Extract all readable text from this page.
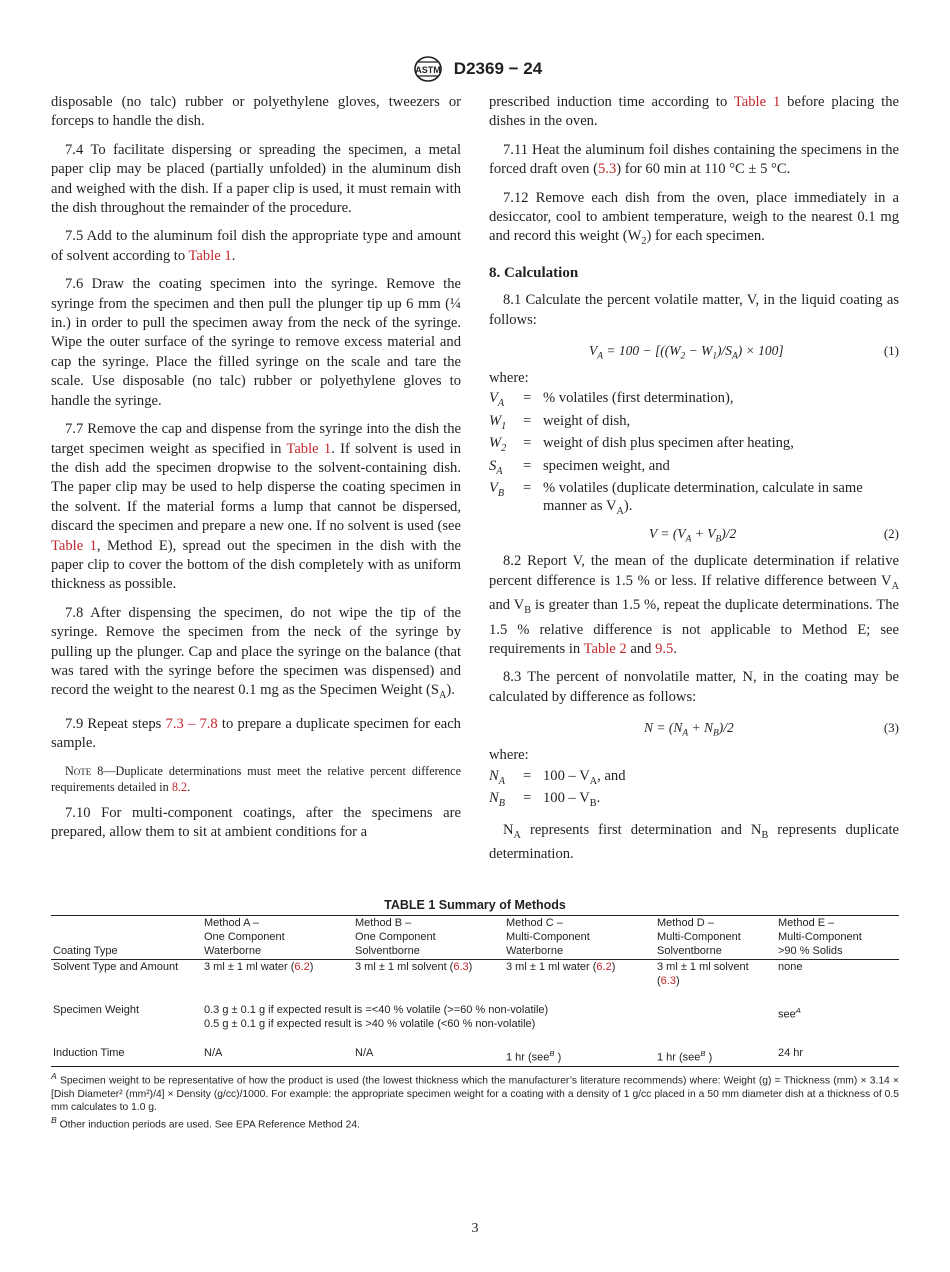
ASTM D2369 − 24

disposable (no talc) rubber or polyethylene gloves, tweezers or forceps to handle the dish.

7.4 To facilitate dispersing or spreading the specimen, a metal paper clip may be placed (partially unfolded) in the aluminum dish and weighed with the dish. If a paper clip is used, it must remain with the dish throughout the remainder of the procedure.

7.5 Add to the aluminum foil dish the appropriate type and amount of solvent according to Table 1.

7.6 Draw the coating specimen into the syringe. Remove the syringe from the specimen and then pull the plunger tip up 6 mm (¼ in.) in order to pull the specimen away from the neck of the syringe. Wipe the outer surface of the syringe to remove excess material and cap the syringe. Place the filled syringe on the scale and tare the scale. Use disposable (no talc) rubber or polyethylene gloves to handle the syringe.

7.7 Remove the cap and dispense from the syringe into the dish the target specimen weight as specified in Table 1. If solvent is used in the dish add the specimen dropwise to the solvent-containing dish. The paper clip may be used to help disperse the coating specimen in the solvent. If the material forms a lump that cannot be dispersed, discard the specimen and prepare a new one. If no solvent is used (see Table 1, Method E), spread out the specimen in the dish with the paper clip to cover the bottom of the dish completely with as uniform thickness as possible.

7.8 After dispensing the specimen, do not wipe the tip of the syringe. Remove the specimen from the neck of the syringe by pulling up the plunger. Cap and place the syringe on the balance (that was tared with the syringe before the specimen was dispensed) and record the weight to the nearest 0.1 mg as the Specimen Weight $(S_A)$.

7.9 Repeat steps 7.3 – 7.8 to prepare a duplicate specimen for each sample.

Note 8—Duplicate determinations must meet the relative percent difference requirements detailed in 8.2.

7.10 For multi-component coatings, after the specimens are prepared, allow them to sit at ambient conditions for a

prescribed induction time according to Table 1 before placing the dishes in the oven.

7.11 Heat the aluminum foil dishes containing the specimens in the forced draft oven (5.3) for 60 min at 110 °C ± 5 °C.

7.12 Remove each dish from the oven, place immediately in a desiccator, cool to ambient temperature, weigh to the nearest 0.1 mg and record this weight $(W_2)$ for each specimen.

8. Calculation

8.1 Calculate the percent volatile matter, V, in the liquid coating as follows:

$V_A = 100 - [((W_2 - W_1)/S_A) \times 100]$	(1)
where:
$V_A$	= % volatiles (first determination),
$W_1$	= weight of dish,
$W_2$	= weight of dish plus specimen after heating,
$S_A$	= specimen weight, and
$V_B$	= % volatiles (duplicate determination, calculate in same manner as $V_A$).
$V = (V_A + V_B)/2$	(2)

8.2 Report V, the mean of the duplicate determination if relative percent difference is 1.5 % or less. If relative difference between $V_A$ and $V_B$ is greater than 1.5 %, repeat the duplicate determinations. The 1.5 % relative difference is not applicable to Method E; see requirements in Table 2 and 9.5.

8.3 The percent of nonvolatile matter, N, in the coating may be calculated by difference as follows:

$N = (N_A + N_B)/2$	(3)
where:
$N_A$	= $100 - V_A$, and
$N_B$	= $100 - V_B$.

$N_A$ represents first determination and $N_B$ represents duplicate determination.

TABLE 1 Summary of Methods

Coating Type	Method A –
One Component
Waterborne	Method B –
One Component
Solventborne	Method C –
Multi-Component
Waterborne	Method D –
Multi-Component
Solventborne	Method E –
Multi-Component
>90 % Solids
Solvent Type and Amount	3 ml ± 1 ml water (6.2)	3 ml ± 1 ml solvent (6.3)	3 ml ± 1 ml water (6.2)	3 ml ± 1 ml solvent
(6.3)	none
Specimen Weight	0.3 g ± 0.1 g if expected result is =<40 % volatile (>=60 % non-volatile)
0.5 g ± 0.1 g if expected result is >40 % volatile (<60 % non-volatile)				see$^A$
Induction Time	N/A	N/A	1 hr (see$^B$ )	1 hr (see$^B$ )	24 hr
$^A$ Specimen weight to be representative of how the product is used (the lowest thickness which the manufacturer’s literature recommends) where: Weight (g) = Thickness (mm) × 3.14 × [Dish Diameter² (mm²)/4] × Density (g/cc)/1000. For example: the appropriate specimen weight for a coating with a density of 1 g/cc placed in a 50 mm diameter dish at a thickness of 0.5 mm calculates to 1.0 g.
$^B$ Other induction periods are used. See EPA Reference Method 24.
3
